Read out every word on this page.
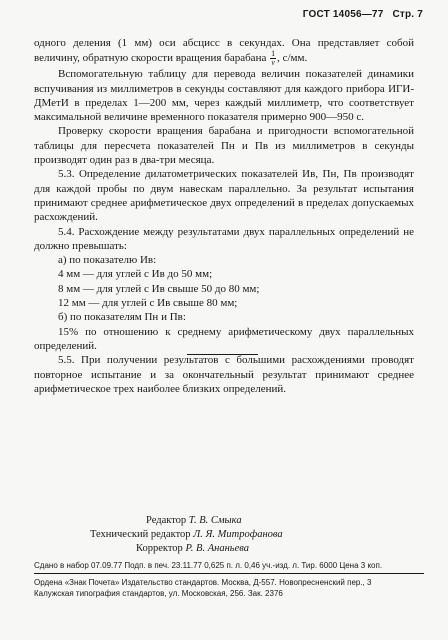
ГОСТ 14056—77 Стр. 7

одного деления (1 мм) оси абсцисс в секундах. Она представляет собой величину, обратную скорости вращения барабана $\frac{1}{v}$ , с/мм.

Вспомогательную таблицу для перевода величин показателей динамики вспучивания из миллиметров в секунды составляют для каждого прибора ИГИ-ДМетИ в пределах 1—200 мм, через каждый миллиметр, что соответствует максимальной величине временного показателя примерно 900—950 с.

Проверку скорости вращения барабана и пригодности вспомогательной таблицы для пересчета показателей Пн и Пв из миллиметров в секунды производят один раз в два-три месяца.

5.3. Определение дилатометрических показателей Ив, Пн, Пв производят для каждой пробы по двум навескам параллельно. За результат испытания принимают среднее арифметическое двух определений в пределах допускаемых расхождений.

5.4. Расхождение между результатами двух параллельных определений не должно превышать:

а) по показателю Ив:

4 мм — для углей с Ив до 50 мм;

8 мм — для углей с Ив свыше 50 до 80 мм;

12 мм — для углей с Ив свыше 80 мм;

б) по показателям Пн и Пв:

15% по отношению к среднему арифметическому двух параллельных определений.

5.5. При получении результатов с большими расхождениями проводят повторное испытание и за окончательный результат принимают среднее арифметическое трех наиболее близких определений.

Редактор Т. В. Смыка
Технический редактор Л. Я. Митрофанова
Корректор Р. В. Ананьева
Сдано в набор 07.09.77 Подп. в печ. 23.11.77 0,625 п. л. 0,46 уч.-изд. л. Тир. 6000 Цена 3 коп.
Ордена «Знак Почета» Издательство стандартов. Москва, Д-557. Новопресненский пер., 3
Калужская типография стандартов, ул. Московская, 256. Зак. 2376
